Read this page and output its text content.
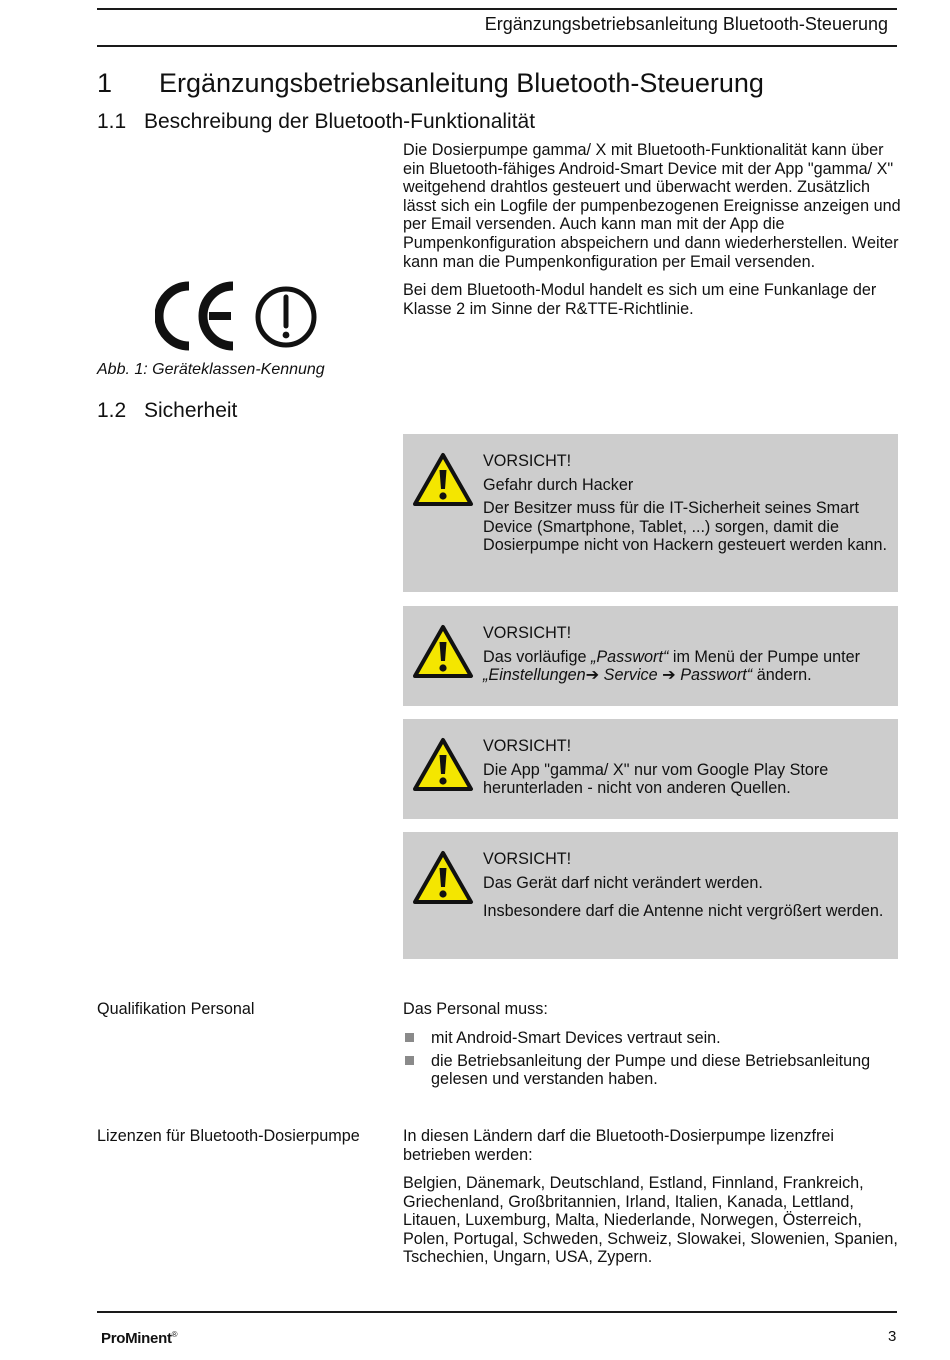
Ergänzungsbetriebsanleitung Bluetooth-Steuerung
1 Ergänzungsbetriebsanleitung Bluetooth-Steuerung
1.1 Beschreibung der Bluetooth-Funktionalität

Die Dosierpumpe gamma/ X mit Bluetooth-Funktionalität kann über ein Bluetooth-fähiges Android-Smart Device mit der App "gamma/ X" weitgehend drahtlos gesteuert und überwacht werden. Zusätzlich lässt sich ein Logfile der pumpenbezogenen Ereignisse anzeigen und per Email versenden. Auch kann man mit der App die Pumpenkonfiguration abspeichern und dann wiederherstellen. Weiter kann man die Pumpenkonfiguration per Email versenden.

Bei dem Bluetooth-Modul handelt es sich um eine Funkanlage der Klasse 2 im Sinne der R&TTE-Richtlinie.

Abb. 1: Geräteklassen-Kennung

1.2 Sicherheit

VORSICHT!

Gefahr durch Hacker

Der Besitzer muss für die IT-Sicherheit seines Smart Device (Smartphone, Tablet, ...) sorgen, damit die Dosierpumpe nicht von Hackern gesteuert werden kann.

VORSICHT!

Das vorläufige „Passwort“ im Menü der Pumpe unter „Einstellungen➔ Service ➔ Passwort“ ändern.

VORSICHT!

Die App "gamma/ X" nur vom Google Play Store herunterladen - nicht von anderen Quellen.

VORSICHT!

Das Gerät darf nicht verändert werden.

Insbesondere darf die Antenne nicht vergrößert werden.

Qualifikation Personal	Das Personal muss:

mit Android-Smart Devices vertraut sein.
die Betriebsanleitung der Pumpe und diese Betriebsanleitung gelesen und verstanden haben.

Lizenzen für Bluetooth-Dosierpumpe	In diesen Ländern darf die Bluetooth-Dosierpumpe lizenzfrei betrieben werden:

Belgien, Dänemark, Deutschland, Estland, Finnland, Frankreich, Griechenland, Großbritannien, Irland, Italien, Kanada, Lettland, Litauen, Luxemburg, Malta, Niederlande, Norwegen, Österreich, Polen, Portugal, Schweden, Schweiz, Slowakei, Slowenien, Spanien, Tschechien, Ungarn, USA, Zypern.

ProMinent®	3
